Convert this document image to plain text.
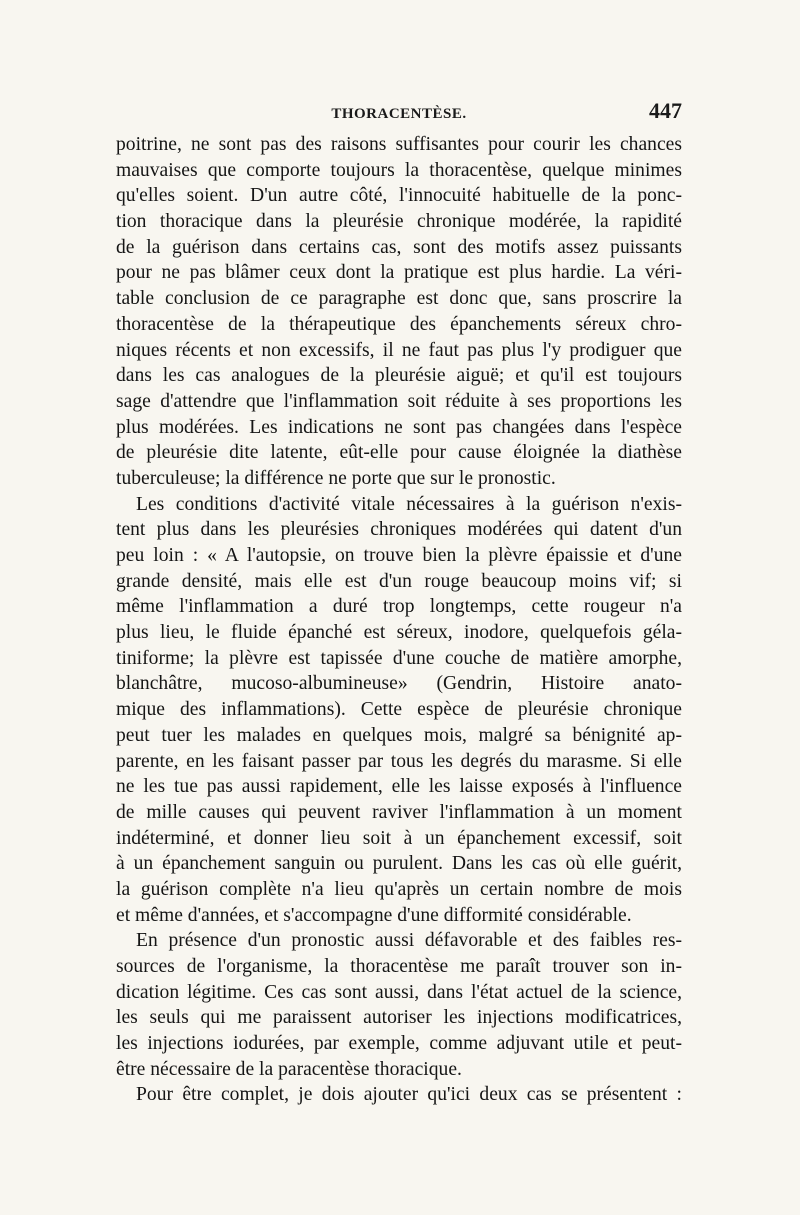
THORACENTÈSE.	447
poitrine, ne sont pas des raisons suffisantes pour courir les chances
mauvaises que comporte toujours la thoracentèse, quelque minimes
qu'elles soient. D'un autre côté, l'innocuité habituelle de la ponc-
tion thoracique dans la pleurésie chronique modérée, la rapidité
de la guérison dans certains cas, sont des motifs assez puissants
pour ne pas blâmer ceux dont la pratique est plus hardie. La véri-
table conclusion de ce paragraphe est donc que, sans proscrire la
thoracentèse de la thérapeutique des épanchements séreux chro-
niques récents et non excessifs, il ne faut pas plus l'y prodiguer que
dans les cas analogues de la pleurésie aiguë; et qu'il est toujours
sage d'attendre que l'inflammation soit réduite à ses proportions les
plus modérées. Les indications ne sont pas changées dans l'espèce
de pleurésie dite latente, eût-elle pour cause éloignée la diathèse
tuberculeuse; la différence ne porte que sur le pronostic.
Les conditions d'activité vitale nécessaires à la guérison n'exis-
tent plus dans les pleurésies chroniques modérées qui datent d'un
peu loin : « A l'autopsie, on trouve bien la plèvre épaissie et d'une
grande densité, mais elle est d'un rouge beaucoup moins vif; si
même l'inflammation a duré trop longtemps, cette rougeur n'a
plus lieu, le fluide épanché est séreux, inodore, quelquefois géla-
tiniforme; la plèvre est tapissée d'une couche de matière amorphe,
blanchâtre, mucoso-albumineuse» (Gendrin, Histoire anato-
mique des inflammations). Cette espèce de pleurésie chronique
peut tuer les malades en quelques mois, malgré sa bénignité ap-
parente, en les faisant passer par tous les degrés du marasme. Si elle
ne les tue pas aussi rapidement, elle les laisse exposés à l'influence
de mille causes qui peuvent raviver l'inflammation à un moment
indéterminé, et donner lieu soit à un épanchement excessif, soit
à un épanchement sanguin ou purulent. Dans les cas où elle guérit,
la guérison complète n'a lieu qu'après un certain nombre de mois
et même d'années, et s'accompagne d'une difformité considérable.
En présence d'un pronostic aussi défavorable et des faibles res-
sources de l'organisme, la thoracentèse me paraît trouver son in-
dication légitime. Ces cas sont aussi, dans l'état actuel de la science,
les seuls qui me paraissent autoriser les injections modificatrices,
les injections iodurées, par exemple, comme adjuvant utile et peut-
être nécessaire de la paracentèse thoracique.
Pour être complet, je dois ajouter qu'ici deux cas se présentent :
